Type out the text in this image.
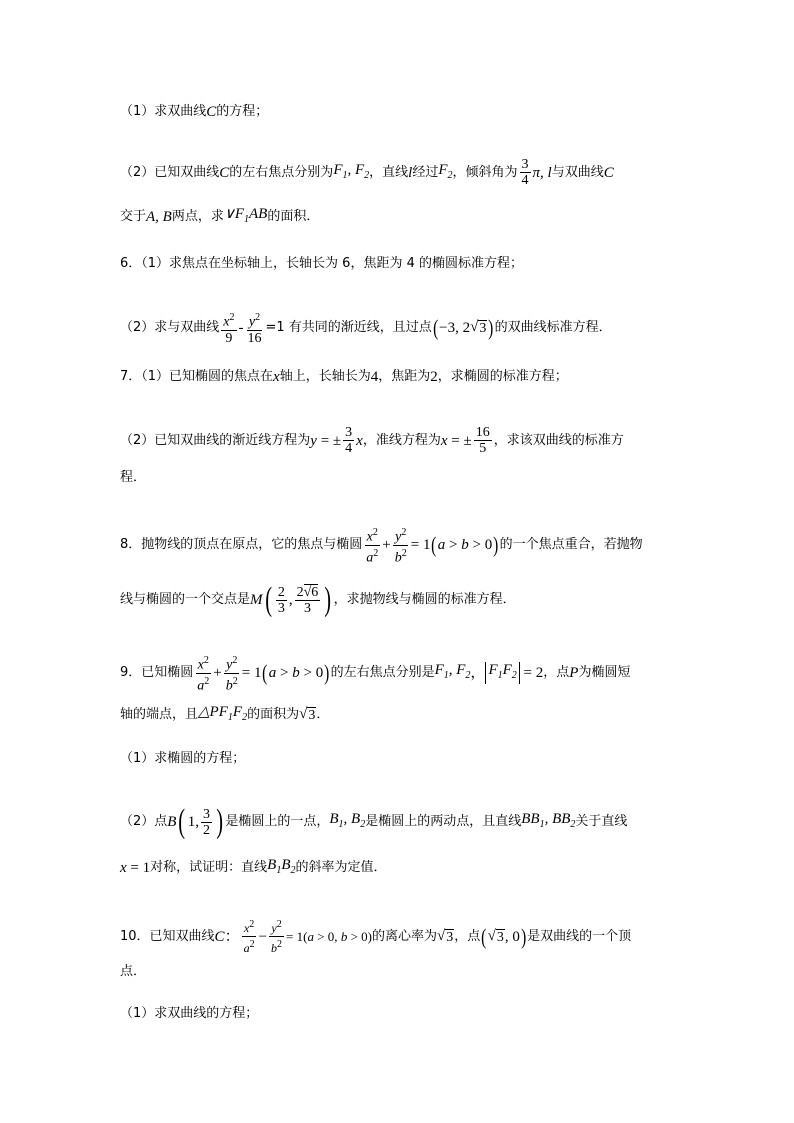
（1）求双曲线 C 的方程；
（2）已知双曲线 C 的左右焦点分别为 $F_1$, $F_2$ ，直线 l 经过 $F_2$ ，倾斜角为 $\frac{3}{4} \pi$, l 与双曲线 C
交于 A, B 两点，求 $\vee F_1AB$ 的面积．
6．（1）求焦点在坐标轴上，长轴长为 6，焦距为 4 的椭圆标准方程；
（2）求与双曲线 $\frac{x^2}{9} - \frac{y^2}{16} =1$ 有共同的渐近线，且过点 ( −3, 2 √ 3 ) 的双曲线标准方程．
7．（1）已知椭圆的焦点在 x 轴上，长轴长为 4 ，焦距为 2 ，求椭圆的标准方程；
（2）已知双曲线的渐近线方程为 y = ± $\frac{3}{4}$ x ，准线方程为 x = ± $\frac{16}{5}$ ，求该双曲线的标准方
程．
8．抛物线的顶点在原点，它的焦点与椭圆 $\frac{x^2}{a^2} + \frac{y^2}{b^2} = 1$ ( a > b > 0 ) 的一个焦点重合，若抛物
线与椭圆的一个交点是 M ( $\frac{2}{3}$ , $\frac{2√6}{3}$ ) ，求抛物线与椭圆的标准方程．
9．已知椭圆 $\frac{x^2}{a^2} + \frac{y^2}{b^2} = 1$ ( a > b > 0 ) 的左右焦点分别是 $F_1$, $F_2$ ， $F_1F_2 = 2$ ，点 P 为椭圆短
轴的端点，且 $\triangle PF_1F_2$ 的面积为 √ 3 ．
（1）求椭圆的方程；
（2）点 B ( 1, $\frac{3}{2}$ ) 是椭圆上的一点， $B_1$, $B_2$ 是椭圆上的两动点，且直线 $BB_1$, $BB_2$ 关于直线
x = 1 对称，试证明：直线 $B_1B_2$ 的斜率为定值．
10．已知双曲线 C ： $\frac{x^2}{a^2} - \frac{y^2}{b^2} = 1(a > 0$, b > 0) 的离心率为 √ 3 ，点 ( √ 3 , 0 ) 是双曲线的一个顶
点．
（1）求双曲线的方程；
